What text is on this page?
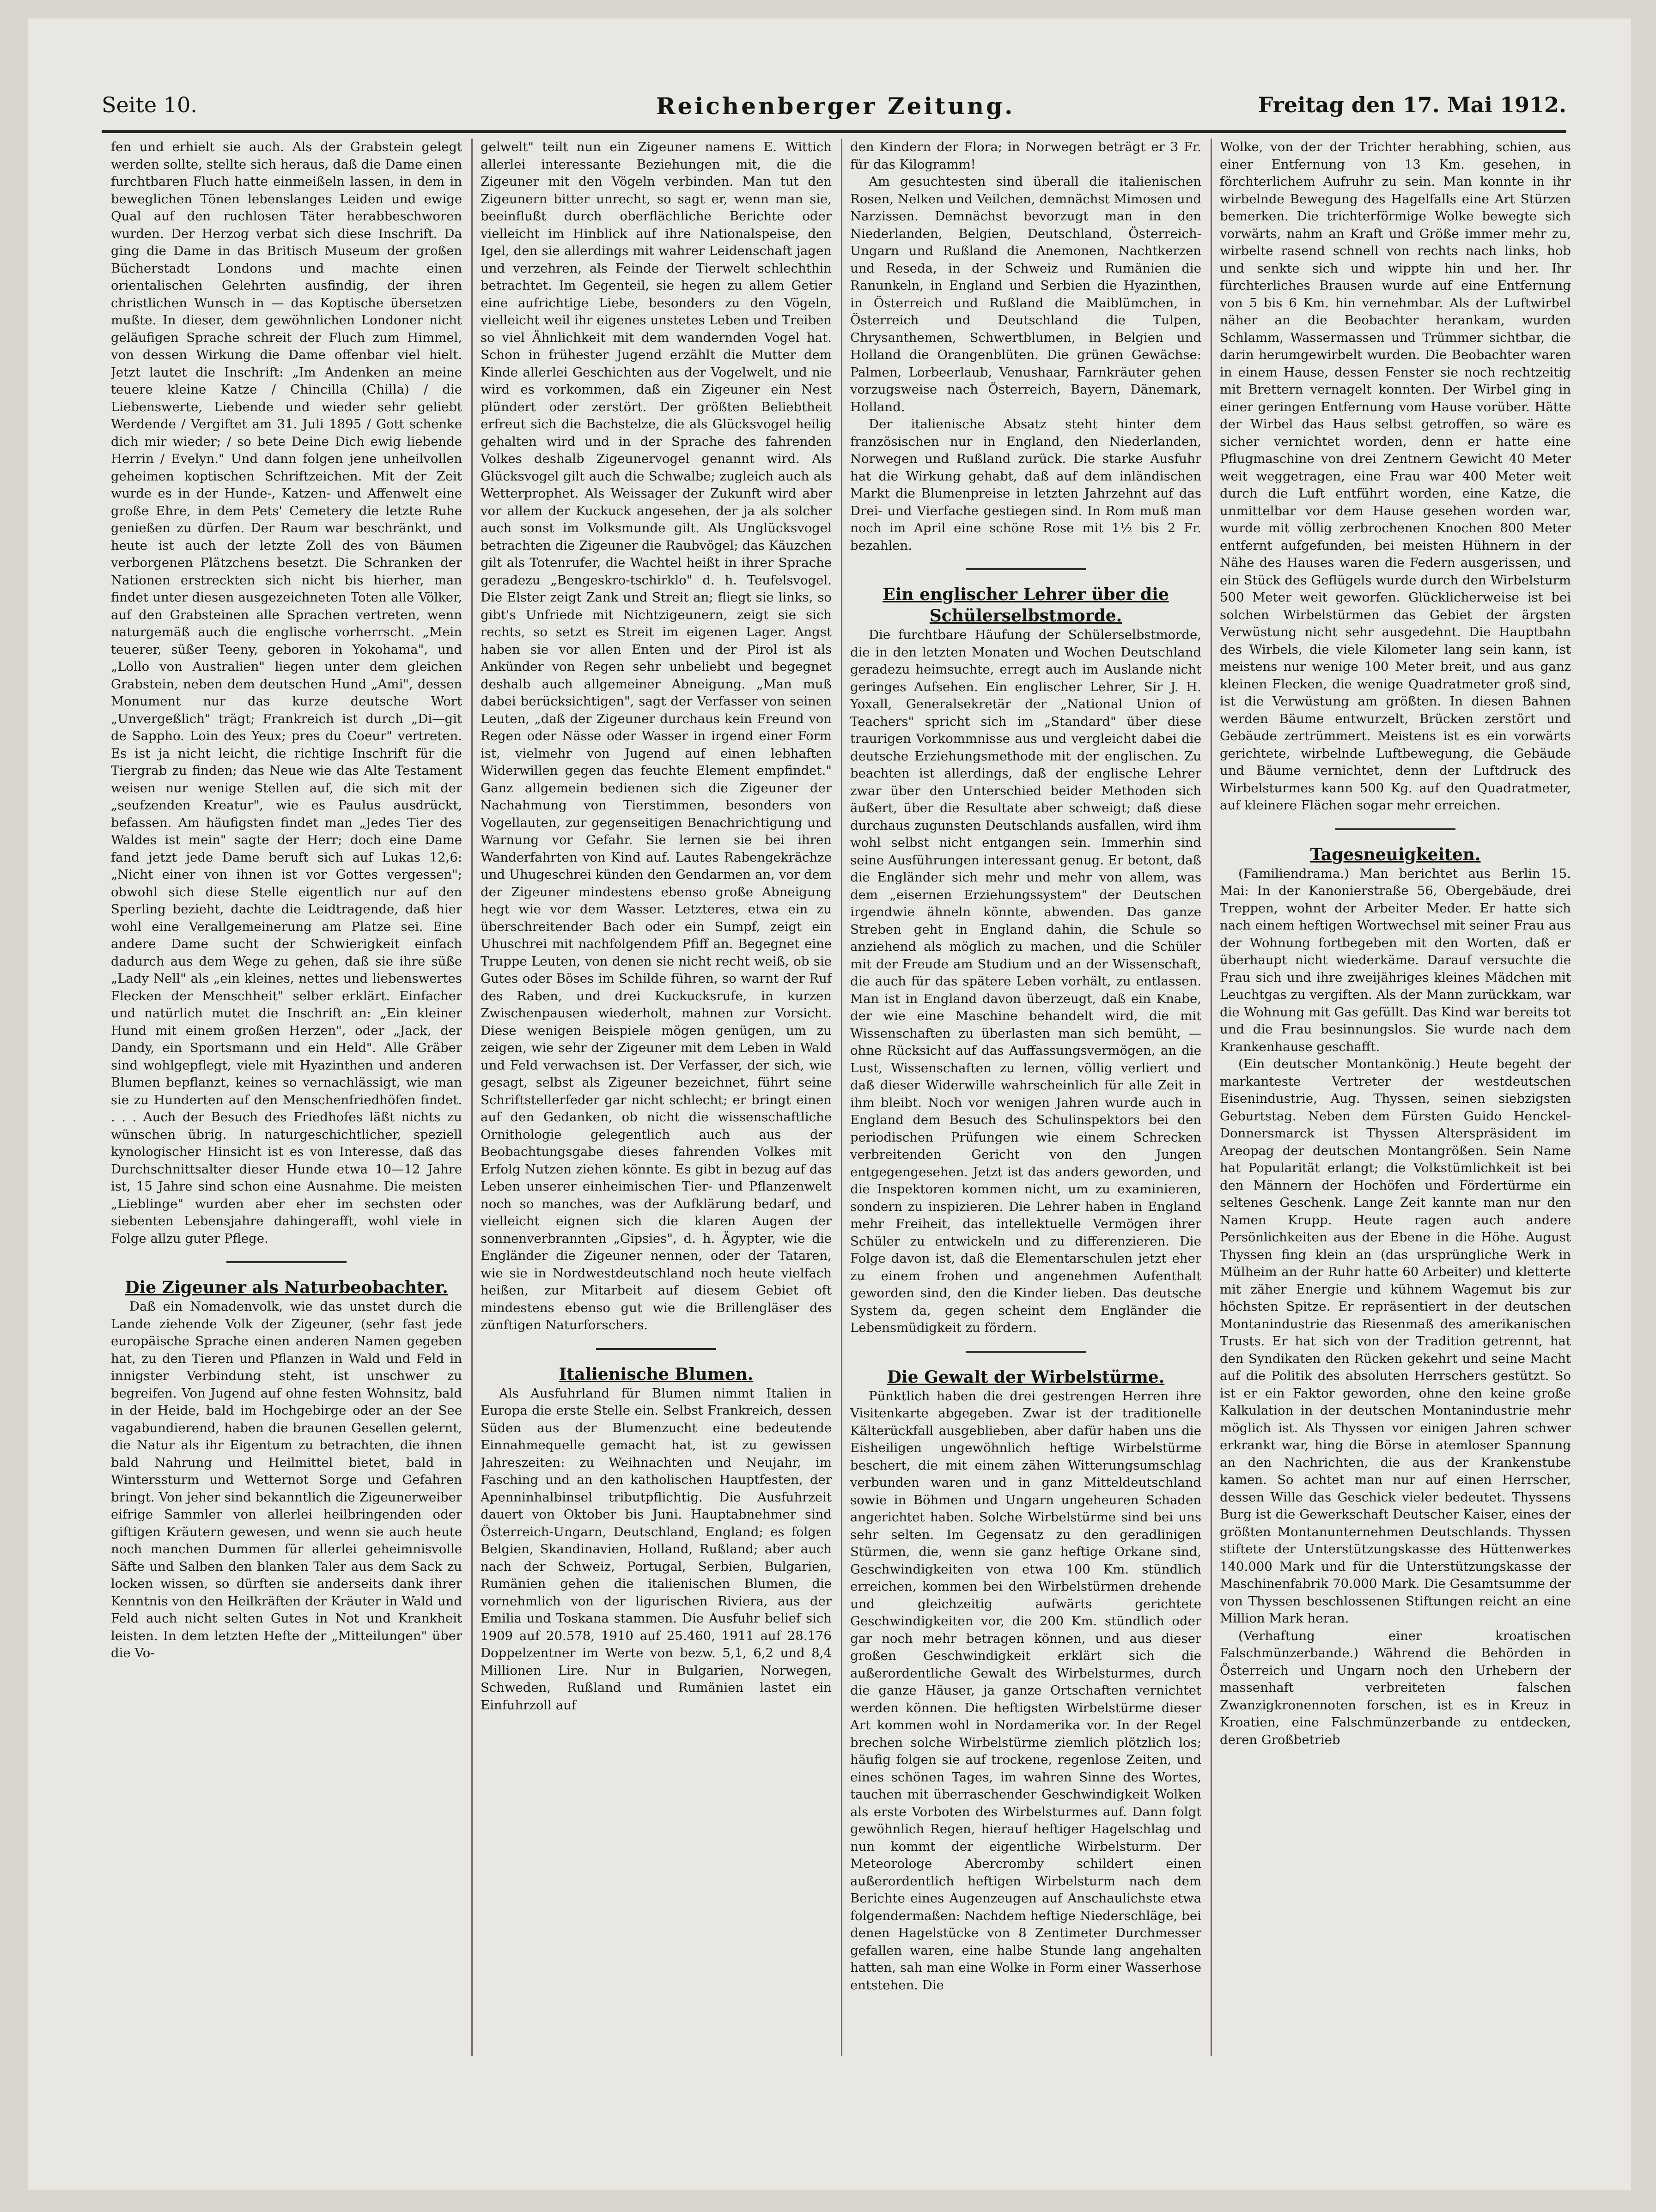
Seite 10.	Reichenberger Zeitung.	Freitag den 17. Mai 1912.

fen und erhielt sie auch. Als der Grabstein gelegt werden sollte, stellte sich heraus, daß die Dame einen furchtbaren Fluch hatte einmeißeln lassen, in dem in beweglichen Tönen lebenslanges Leiden und ewige Qual auf den ruchlosen Täter herabbeschworen wurden. Der Herzog verbat sich diese Inschrift. Da ging die Dame in das Britisch Museum der großen Bücherstadt Londons und machte einen orientalischen Gelehrten ausfindig, der ihren christlichen Wunsch in — das Koptische übersetzen mußte. In dieser, dem gewöhnlichen Londoner nicht geläufigen Sprache schreit der Fluch zum Himmel, von dessen Wirkung die Dame offenbar viel hielt. Jetzt lautet die Inschrift: „Im Andenken an meine teuere kleine Katze / Chincilla (Chilla) / die Liebenswerte, Liebende und wieder sehr geliebt Werdende / Vergiftet am 31. Juli 1895 / Gott schenke dich mir wieder; / so bete Deine Dich ewig liebende Herrin / Evelyn." Und dann folgen jene unheilvollen geheimen koptischen Schriftzeichen. Mit der Zeit wurde es in der Hunde-, Katzen- und Affenwelt eine große Ehre, in dem Pets' Cemetery die letzte Ruhe genießen zu dürfen. Der Raum war beschränkt, und heute ist auch der letzte Zoll des von Bäumen verborgenen Plätzchens besetzt. Die Schranken der Nationen erstreckten sich nicht bis hierher, man findet unter diesen ausgezeichneten Toten alle Völker, auf den Grabsteinen alle Sprachen vertreten, wenn naturgemäß auch die englische vorherrscht. „Mein teuerer, süßer Teeny, geboren in Yokohama", und „Lollo von Australien" liegen unter dem gleichen Grabstein, neben dem deutschen Hund „Ami", dessen Monument nur das kurze deutsche Wort „Unvergeßlich" trägt; Frankreich ist durch „Di—git de Sappho. Loin des Yeux; pres du Coeur" vertreten. Es ist ja nicht leicht, die richtige Inschrift für die Tiergrab zu finden; das Neue wie das Alte Testament weisen nur wenige Stellen auf, die sich mit der „seufzenden Kreatur", wie es Paulus ausdrückt, befassen. Am häufigsten findet man „Jedes Tier des Waldes ist mein" sagte der Herr; doch eine Dame fand jetzt jede Dame beruft sich auf Lukas 12,6: „Nicht einer von ihnen ist vor Gottes vergessen"; obwohl sich diese Stelle eigentlich nur auf den Sperling bezieht, dachte die Leidtragende, daß hier wohl eine Verallgemeinerung am Platze sei. Eine andere Dame sucht der Schwierigkeit einfach dadurch aus dem Wege zu gehen, daß sie ihre süße „Lady Nell" als „ein kleines, nettes und liebenswertes Flecken der Menschheit" selber erklärt. Einfacher und natürlich mutet die Inschrift an: „Ein kleiner Hund mit einem großen Herzen", oder „Jack, der Dandy, ein Sportsmann und ein Held". Alle Gräber sind wohlgepflegt, viele mit Hyazinthen und anderen Blumen bepflanzt, keines so vernachlässigt, wie man sie zu Hunderten auf den Menschenfriedhöfen findet. . . . Auch der Besuch des Friedhofes läßt nichts zu wünschen übrig. In naturgeschichtlicher, speziell kynologischer Hinsicht ist es von Interesse, daß das Durchschnittsalter dieser Hunde etwa 10—12 Jahre ist, 15 Jahre sind schon eine Ausnahme. Die meisten „Lieblinge" wurden aber eher im sechsten oder siebenten Lebensjahre dahingerafft, wohl viele in Folge allzu guter Pflege.

Die Zigeuner als Naturbeobachter.

Daß ein Nomadenvolk, wie das unstet durch die Lande ziehende Volk der Zigeuner, (sehr fast jede europäische Sprache einen anderen Namen gegeben hat, zu den Tieren und Pflanzen in Wald und Feld in innigster Verbindung steht, ist unschwer zu begreifen. Von Jugend auf ohne festen Wohnsitz, bald in der Heide, bald im Hochgebirge oder an der See vagabundierend, haben die braunen Gesellen gelernt, die Natur als ihr Eigentum zu betrachten, die ihnen bald Nahrung und Heilmittel bietet, bald in Winterssturm und Wetternot Sorge und Gefahren bringt. Von jeher sind bekanntlich die Zigeunerweiber eifrige Sammler von allerlei heilbringenden oder giftigen Kräutern gewesen, und wenn sie auch heute noch manchen Dummen für allerlei geheimnisvolle Säfte und Salben den blanken Taler aus dem Sack zu locken wissen, so dürften sie anderseits dank ihrer Kenntnis von den Heilkräften der Kräuter in Wald und Feld auch nicht selten Gutes in Not und Krankheit leisten. In dem letzten Hefte der „Mitteilungen" über die Vo-

gelwelt" teilt nun ein Zigeuner namens E. Wittich allerlei interessante Beziehungen mit, die die Zigeuner mit den Vögeln verbinden. Man tut den Zigeunern bitter unrecht, so sagt er, wenn man sie, beeinflußt durch oberflächliche Berichte oder vielleicht im Hinblick auf ihre Nationalspeise, den Igel, den sie allerdings mit wahrer Leidenschaft jagen und verzehren, als Feinde der Tierwelt schlechthin betrachtet. Im Gegenteil, sie hegen zu allem Getier eine aufrichtige Liebe, besonders zu den Vögeln, vielleicht weil ihr eigenes unstetes Leben und Treiben so viel Ähnlichkeit mit dem wandernden Vogel hat. Schon in frühester Jugend erzählt die Mutter dem Kinde allerlei Geschichten aus der Vogelwelt, und nie wird es vorkommen, daß ein Zigeuner ein Nest plündert oder zerstört. Der größten Beliebtheit erfreut sich die Bachstelze, die als Glücksvogel heilig gehalten wird und in der Sprache des fahrenden Volkes deshalb Zigeunervogel genannt wird. Als Glücksvogel gilt auch die Schwalbe; zugleich auch als Wetterprophet. Als Weissager der Zukunft wird aber vor allem der Kuckuck angesehen, der ja als solcher auch sonst im Volksmunde gilt. Als Unglücksvogel betrachten die Zigeuner die Raubvögel; das Käuzchen gilt als Totenrufer, die Wachtel heißt in ihrer Sprache geradezu „Bengeskro-tschirklo" d. h. Teufelsvogel. Die Elster zeigt Zank und Streit an; fliegt sie links, so gibt's Unfriede mit Nichtzigeunern, zeigt sie sich rechts, so setzt es Streit im eigenen Lager. Angst haben sie vor allen Enten und der Pirol ist als Ankünder von Regen sehr unbeliebt und begegnet deshalb auch allgemeiner Abneigung. „Man muß dabei berücksichtigen", sagt der Verfasser von seinen Leuten, „daß der Zigeuner durchaus kein Freund von Regen oder Nässe oder Wasser in irgend einer Form ist, vielmehr von Jugend auf einen lebhaften Widerwillen gegen das feuchte Element empfindet." Ganz allgemein bedienen sich die Zigeuner der Nachahmung von Tierstimmen, besonders von Vogellauten, zur gegenseitigen Benachrichtigung und Warnung vor Gefahr. Sie lernen sie bei ihren Wanderfahrten von Kind auf. Lautes Rabengekrächze und Uhugeschrei künden den Gendarmen an, vor dem der Zigeuner mindestens ebenso große Abneigung hegt wie vor dem Wasser. Letzteres, etwa ein zu überschreitender Bach oder ein Sumpf, zeigt ein Uhuschrei mit nachfolgendem Pfiff an. Begegnet eine Truppe Leuten, von denen sie nicht recht weiß, ob sie Gutes oder Böses im Schilde führen, so warnt der Ruf des Raben, und drei Kuckucksrufe, in kurzen Zwischenpausen wiederholt, mahnen zur Vorsicht. Diese wenigen Beispiele mögen genügen, um zu zeigen, wie sehr der Zigeuner mit dem Leben in Wald und Feld verwachsen ist. Der Verfasser, der sich, wie gesagt, selbst als Zigeuner bezeichnet, führt seine Schriftstellerfeder gar nicht schlecht; er bringt einen auf den Gedanken, ob nicht die wissenschaftliche Ornithologie gelegentlich auch aus der Beobachtungsgabe dieses fahrenden Volkes mit Erfolg Nutzen ziehen könnte. Es gibt in bezug auf das Leben unserer einheimischen Tier- und Pflanzenwelt noch so manches, was der Aufklärung bedarf, und vielleicht eignen sich die klaren Augen der sonnenverbrannten „Gipsies", d. h. Ägypter, wie die Engländer die Zigeuner nennen, oder der Tataren, wie sie in Nordwestdeutschland noch heute vielfach heißen, zur Mitarbeit auf diesem Gebiet oft mindestens ebenso gut wie die Brillengläser des zünftigen Naturforschers.

Italienische Blumen.

Als Ausfuhrland für Blumen nimmt Italien in Europa die erste Stelle ein. Selbst Frankreich, dessen Süden aus der Blumenzucht eine bedeutende Einnahmequelle gemacht hat, ist zu gewissen Jahreszeiten: zu Weihnachten und Neujahr, im Fasching und an den katholischen Hauptfesten, der Apenninhalbinsel tributpflichtig. Die Ausfuhrzeit dauert von Oktober bis Juni. Hauptabnehmer sind Österreich-Ungarn, Deutschland, England; es folgen Belgien, Skandinavien, Holland, Rußland; aber auch nach der Schweiz, Portugal, Serbien, Bulgarien, Rumänien gehen die italienischen Blumen, die vornehmlich von der ligurischen Riviera, aus der Emilia und Toskana stammen. Die Ausfuhr belief sich 1909 auf 20.578, 1910 auf 25.460, 1911 auf 28.176 Doppelzentner im Werte von bezw. 5,1, 6,2 und 8,4 Millionen Lire. Nur in Bulgarien, Norwegen, Schweden, Rußland und Rumänien lastet ein Einfuhrzoll auf

den Kindern der Flora; in Norwegen beträgt er 3 Fr. für das Kilogramm!

Am gesuchtesten sind überall die italienischen Rosen, Nelken und Veilchen, demnächst Mimosen und Narzissen. Demnächst bevorzugt man in den Niederlanden, Belgien, Deutschland, Österreich-Ungarn und Rußland die Anemonen, Nachtkerzen und Reseda, in der Schweiz und Rumänien die Ranunkeln, in England und Serbien die Hyazinthen, in Österreich und Rußland die Maiblümchen, in Österreich und Deutschland die Tulpen, Chrysanthemen, Schwertblumen, in Belgien und Holland die Orangenblüten. Die grünen Gewächse: Palmen, Lorbeerlaub, Venushaar, Farnkräuter gehen vorzugsweise nach Österreich, Bayern, Dänemark, Holland.

Der italienische Absatz steht hinter dem französischen nur in England, den Niederlanden, Norwegen und Rußland zurück. Die starke Ausfuhr hat die Wirkung gehabt, daß auf dem inländischen Markt die Blumenpreise in letzten Jahrzehnt auf das Drei- und Vierfache gestiegen sind. In Rom muß man noch im April eine schöne Rose mit 1½ bis 2 Fr. bezahlen.

Ein englischer Lehrer über die Schülerselbstmorde.

Die furchtbare Häufung der Schülerselbstmorde, die in den letzten Monaten und Wochen Deutschland geradezu heimsuchte, erregt auch im Auslande nicht geringes Aufsehen. Ein englischer Lehrer, Sir J. H. Yoxall, Generalsekretär der „National Union of Teachers" spricht sich im „Standard" über diese traurigen Vorkommnisse aus und vergleicht dabei die deutsche Erziehungsmethode mit der englischen. Zu beachten ist allerdings, daß der englische Lehrer zwar über den Unterschied beider Methoden sich äußert, über die Resultate aber schweigt; daß diese durchaus zugunsten Deutschlands ausfallen, wird ihm wohl selbst nicht entgangen sein. Immerhin sind seine Ausführungen interessant genug. Er betont, daß die Engländer sich mehr und mehr von allem, was dem „eisernen Erziehungssystem" der Deutschen irgendwie ähneln könnte, abwenden. Das ganze Streben geht in England dahin, die Schule so anziehend als möglich zu machen, und die Schüler mit der Freude am Studium und an der Wissenschaft, die auch für das spätere Leben vorhält, zu entlassen. Man ist in England davon überzeugt, daß ein Knabe, der wie eine Maschine behandelt wird, die mit Wissenschaften zu überlasten man sich bemüht, — ohne Rücksicht auf das Auffassungsvermögen, an die Lust, Wissenschaften zu lernen, völlig verliert und daß dieser Widerwille wahrscheinlich für alle Zeit in ihm bleibt. Noch vor wenigen Jahren wurde auch in England dem Besuch des Schulinspektors bei den periodischen Prüfungen wie einem Schrecken verbreitenden Gericht von den Jungen entgegengesehen. Jetzt ist das anders geworden, und die Inspektoren kommen nicht, um zu examinieren, sondern zu inspizieren. Die Lehrer haben in England mehr Freiheit, das intellektuelle Vermögen ihrer Schüler zu entwickeln und zu differenzieren. Die Folge davon ist, daß die Elementarschulen jetzt eher zu einem frohen und angenehmen Aufenthalt geworden sind, den die Kinder lieben. Das deutsche System da, gegen scheint dem Engländer die Lebensmüdigkeit zu fördern.

Die Gewalt der Wirbelstürme.

Pünktlich haben die drei gestrengen Herren ihre Visitenkarte abgegeben. Zwar ist der traditionelle Kälterückfall ausgeblieben, aber dafür haben uns die Eisheiligen ungewöhnlich heftige Wirbelstürme beschert, die mit einem zähen Witterungsumschlag verbunden waren und in ganz Mitteldeutschland sowie in Böhmen und Ungarn ungeheuren Schaden angerichtet haben. Solche Wirbelstürme sind bei uns sehr selten. Im Gegensatz zu den geradlinigen Stürmen, die, wenn sie ganz heftige Orkane sind, Geschwindigkeiten von etwa 100 Km. stündlich erreichen, kommen bei den Wirbelstürmen drehende und gleichzeitig aufwärts gerichtete Geschwindigkeiten vor, die 200 Km. stündlich oder gar noch mehr betragen können, und aus dieser großen Geschwindigkeit erklärt sich die außerordentliche Gewalt des Wirbelsturmes, durch die ganze Häuser, ja ganze Ortschaften vernichtet werden können. Die heftigsten Wirbelstürme dieser Art kommen wohl in Nordamerika vor. In der Regel brechen solche Wirbelstürme ziemlich plötzlich los; häufig folgen sie auf trockene, regenlose Zeiten, und eines schönen Tages, im wahren Sinne des Wortes, tauchen mit überraschender Geschwindigkeit Wolken als erste Vorboten des Wirbelsturmes auf. Dann folgt gewöhnlich Regen, hierauf heftiger Hagelschlag und nun kommt der eigentliche Wirbelsturm. Der Meteorologe Abercromby schildert einen außerordentlich heftigen Wirbelsturm nach dem Berichte eines Augenzeugen auf Anschaulichste etwa folgendermaßen: Nachdem heftige Niederschläge, bei denen Hagelstücke von 8 Zentimeter Durchmesser gefallen waren, eine halbe Stunde lang angehalten hatten, sah man eine Wolke in Form einer Wasserhose entstehen. Die

Wolke, von der der Trichter herabhing, schien, aus einer Entfernung von 13 Km. gesehen, in förchterlichem Aufruhr zu sein. Man konnte in ihr wirbelnde Bewegung des Hagelfalls eine Art Stürzen bemerken. Die trichterförmige Wolke bewegte sich vorwärts, nahm an Kraft und Größe immer mehr zu, wirbelte rasend schnell von rechts nach links, hob und senkte sich und wippte hin und her. Ihr fürchterliches Brausen wurde auf eine Entfernung von 5 bis 6 Km. hin vernehmbar. Als der Luftwirbel näher an die Beobachter herankam, wurden Schlamm, Wassermassen und Trümmer sichtbar, die darin herumgewirbelt wurden. Die Beobachter waren in einem Hause, dessen Fenster sie noch rechtzeitig mit Brettern vernagelt konnten. Der Wirbel ging in einer geringen Entfernung vom Hause vorüber. Hätte der Wirbel das Haus selbst getroffen, so wäre es sicher vernichtet worden, denn er hatte eine Pflugmaschine von drei Zentnern Gewicht 40 Meter weit weggetragen, eine Frau war 400 Meter weit durch die Luft entführt worden, eine Katze, die unmittelbar vor dem Hause gesehen worden war, wurde mit völlig zerbrochenen Knochen 800 Meter entfernt aufgefunden, bei meisten Hühnern in der Nähe des Hauses waren die Federn ausgerissen, und ein Stück des Geflügels wurde durch den Wirbelsturm 500 Meter weit geworfen. Glücklicherweise ist bei solchen Wirbelstürmen das Gebiet der ärgsten Verwüstung nicht sehr ausgedehnt. Die Hauptbahn des Wirbels, die viele Kilometer lang sein kann, ist meistens nur wenige 100 Meter breit, und aus ganz kleinen Flecken, die wenige Quadratmeter groß sind, ist die Verwüstung am größten. In diesen Bahnen werden Bäume entwurzelt, Brücken zerstört und Gebäude zertrümmert. Meistens ist es ein vorwärts gerichtete, wirbelnde Luftbewegung, die Gebäude und Bäume vernichtet, denn der Luftdruck des Wirbelsturmes kann 500 Kg. auf den Quadratmeter, auf kleinere Flächen sogar mehr erreichen.

Tagesneuigkeiten.

(Familiendrama.) Man berichtet aus Berlin 15. Mai: In der Kanonierstraße 56, Obergebäude, drei Treppen, wohnt der Arbeiter Meder. Er hatte sich nach einem heftigen Wortwechsel mit seiner Frau aus der Wohnung fortbegeben mit den Worten, daß er überhaupt nicht wiederkäme. Darauf versuchte die Frau sich und ihre zweijähriges kleines Mädchen mit Leuchtgas zu vergiften. Als der Mann zurückkam, war die Wohnung mit Gas gefüllt. Das Kind war bereits tot und die Frau besinnungslos. Sie wurde nach dem Krankenhause geschafft.

(Ein deutscher Montankönig.) Heute begeht der markanteste Vertreter der westdeutschen Eisenindustrie, Aug. Thyssen, seinen siebzigsten Geburtstag. Neben dem Fürsten Guido Henckel-Donnersmarck ist Thyssen Alterspräsident im Areopag der deutschen Montangrößen. Sein Name hat Popularität erlangt; die Volkstümlichkeit ist bei den Männern der Hochöfen und Fördertürme ein seltenes Geschenk. Lange Zeit kannte man nur den Namen Krupp. Heute ragen auch andere Persönlichkeiten aus der Ebene in die Höhe. August Thyssen fing klein an (das ursprüngliche Werk in Mülheim an der Ruhr hatte 60 Arbeiter) und kletterte mit zäher Energie und kühnem Wagemut bis zur höchsten Spitze. Er repräsentiert in der deutschen Montanindustrie das Riesenmaß des amerikanischen Trusts. Er hat sich von der Tradition getrennt, hat den Syndikaten den Rücken gekehrt und seine Macht auf die Politik des absoluten Herrschers gestützt. So ist er ein Faktor geworden, ohne den keine große Kalkulation in der deutschen Montanindustrie mehr möglich ist. Als Thyssen vor einigen Jahren schwer erkrankt war, hing die Börse in atemloser Spannung an den Nachrichten, die aus der Krankenstube kamen. So achtet man nur auf einen Herrscher, dessen Wille das Geschick vieler bedeutet. Thyssens Burg ist die Gewerkschaft Deutscher Kaiser, eines der größten Montanunternehmen Deutschlands. Thyssen stiftete der Unterstützungskasse des Hüttenwerkes 140.000 Mark und für die Unterstützungskasse der Maschinenfabrik 70.000 Mark. Die Gesamtsumme der von Thyssen beschlossenen Stiftungen reicht an eine Million Mark heran.

(Verhaftung einer kroatischen Falschmünzerbande.) Während die Behörden in Österreich und Ungarn noch den Urhebern der massenhaft verbreiteten falschen Zwanzigkronennoten forschen, ist es in Kreuz in Kroatien, eine Falschmünzerbande zu entdecken, deren Großbetrieb
